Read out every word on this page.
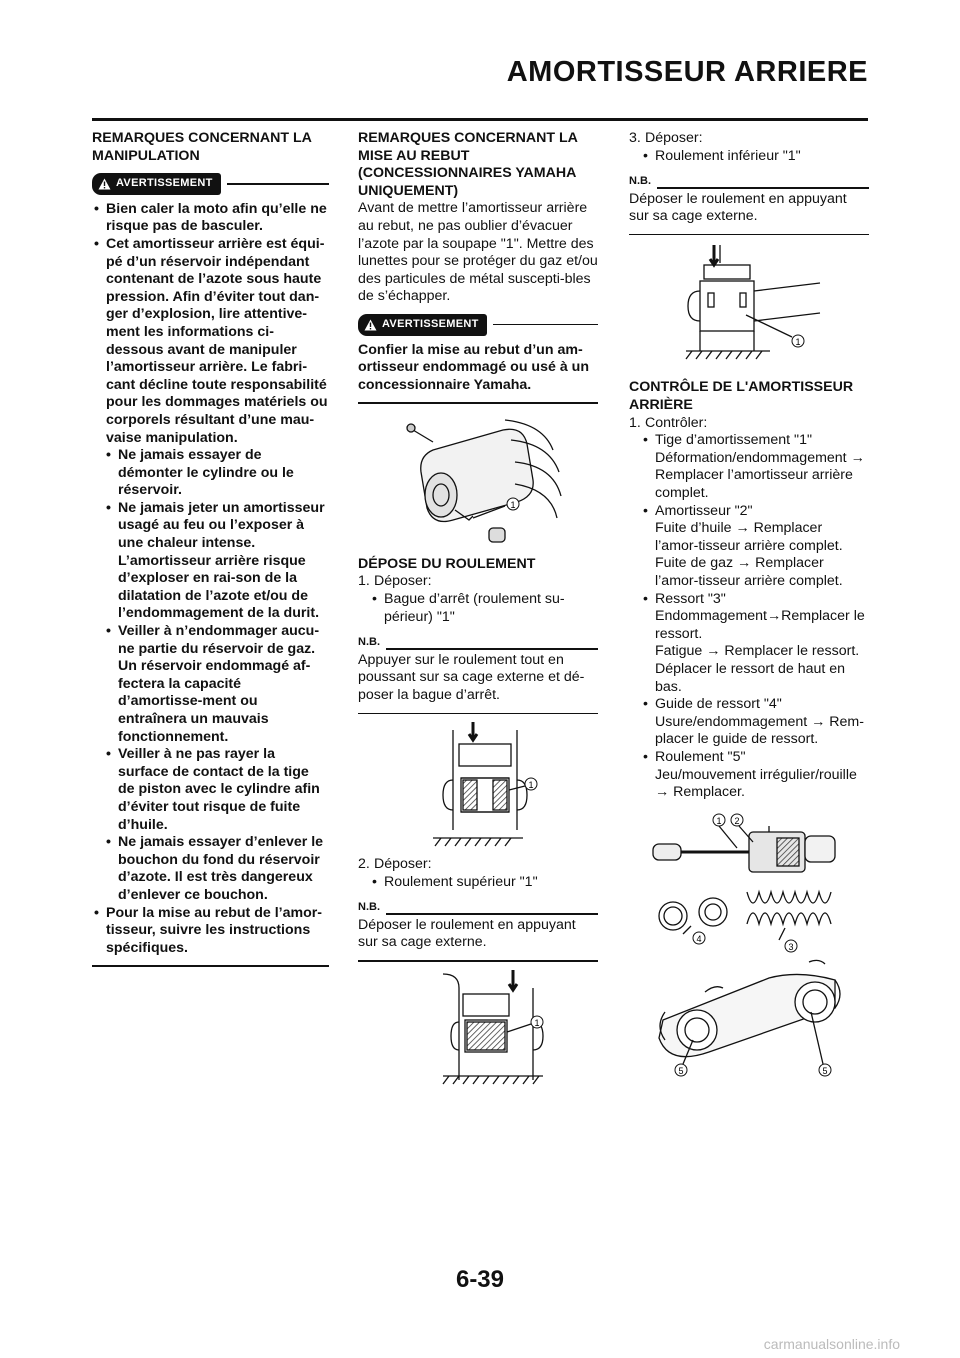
AMORTISSEUR ARRIERE

REMARQUES CONCERNANT LA MANIPULATION

AVERTISSEMENT
• Bien caler la moto afin qu’elle ne risque pas de basculer.
• Cet amortisseur arrière est équi-pé d’un réservoir indépendant contenant de l’azote sous haute pression. Afin d’éviter tout dan-ger d’explosion, lire attentive-ment les informations ci-dessous avant de manipuler l’amortisseur arrière. Le fabri-cant décline toute responsabilité pour les dommages matériels ou corporels résultant d’une mau-vaise manipulation.
• Ne jamais essayer de démonter le cylindre ou le réservoir.
• Ne jamais jeter un amortisseur usagé au feu ou l’exposer à une chaleur intense. L’amortisseur arrière risque d’exploser en rai-son de la dilatation de l’azote et/ou de l’endommagement de la durit.
• Veiller à n’endommager aucu-ne partie du réservoir de gaz. Un réservoir endommagé af-fectera la capacité d’amortisse-ment ou entraînera un mauvais fonctionnement.
• Veiller à ne pas rayer la surface de contact de la tige de piston avec le cylindre afin d’éviter tout risque de fuite d’huile.
• Ne jamais essayer d’enlever le bouchon du fond du réservoir d’azote. Il est très dangereux d’enlever ce bouchon.
• Pour la mise au rebut de l’amor-tisseur, suivre les instructions spécifiques.

REMARQUES CONCERNANT LA MISE AU REBUT (CONCESSIONNAIRES YAMAHA UNIQUEMENT)

Avant de mettre l’amortisseur arrière au rebut, ne pas oublier d’évacuer l’azote par la soupape "1". Mettre des lunettes pour se protéger du gaz et/ou des particules de métal suscepti-bles de s’échapper.

AVERTISSEMENT

Confier la mise au rebut d’un am-ortisseur endommagé ou usé à un concessionnaire Yamaha.

1

DÉPOSE DU ROULEMENT

1. Déposer:
• Bague d’arrêt (roulement su-périeur) "1"
N.B.

Appuyer sur le roulement tout en poussant sur sa cage externe et dé-poser la bague d’arrêt.

1
2. Déposer:
• Roulement supérieur "1"
N.B.

Déposer le roulement en appuyant sur sa cage externe.

1
3. Déposer:
• Roulement inférieur "1"
N.B.

Déposer le roulement en appuyant sur sa cage externe.

1

CONTRÔLE DE L'AMORTISSEUR ARRIÈRE

1. Contrôler:
• Tige d’amortissement "1"
Déformation/endommagement → Remplacer l’amortisseur arrière complet.
• Amortisseur "2"
Fuite d’huile → Remplacer l’amor-tisseur arrière complet.
Fuite de gaz → Remplacer l’amor-tisseur arrière complet.
• Ressort "3"
Endommagement→Remplacer le ressort.
Fatigue → Remplacer le ressort. Déplacer le ressort de haut en bas.
• Guide de ressort "4"
Usure/endommagement → Rem-placer le guide de ressort.
• Roulement "5"
Jeu/mouvement irrégulier/rouille → Remplacer.
1 2
3
4
5	5
6-39
carmanualsonline.info
